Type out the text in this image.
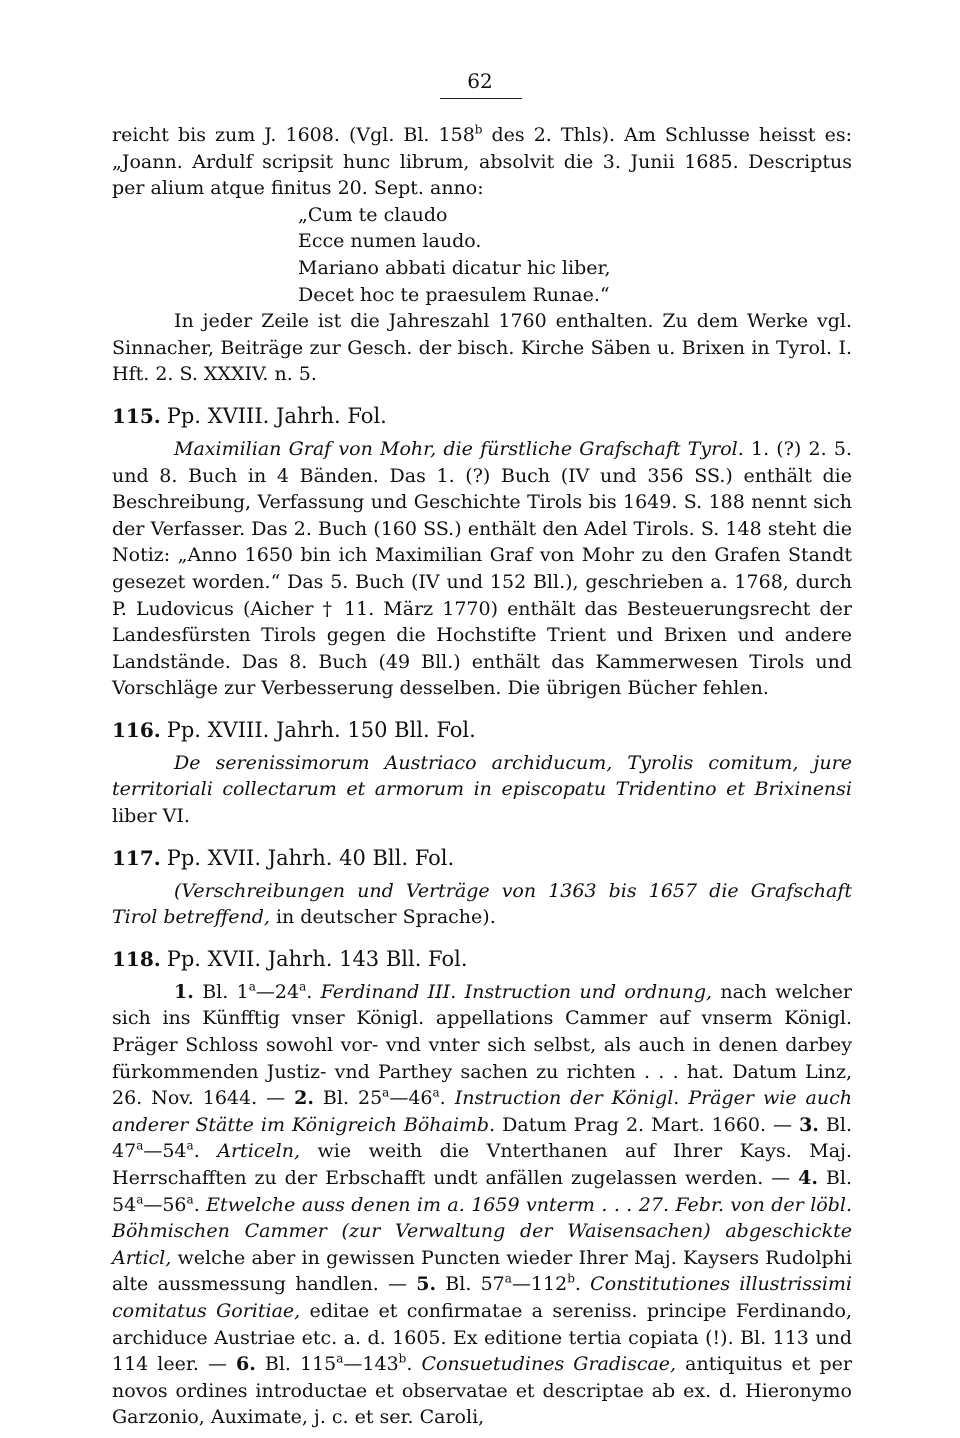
62

reicht bis zum J. 1608. (Vgl. Bl. 158$^b$ des 2. Thls). Am Schlusse heisst es: „Joann. Ardulf scripsit hunc librum, absolvit die 3. Junii 1685. Descriptus per alium atque finitus 20. Sept. anno:

„Cum te claudo
Ecce numen laudo.
Mariano abbati dicatur hic liber,
Decet hoc te praesulem Runae.“

In jeder Zeile ist die Jahreszahl 1760 enthalten. Zu dem Werke vgl. Sinnacher, Beiträge zur Gesch. der bisch. Kirche Säben u. Brixen in Tyrol. I. Hft. 2. S. XXXIV. n. 5.

115. Pp. XVIII. Jahrh. Fol.

Maximilian Graf von Mohr, die fürstliche Grafschaft Tyrol. 1. (?) 2. 5. und 8. Buch in 4 Bänden. Das 1. (?) Buch (IV und 356 SS.) enthält die Beschreibung, Verfassung und Geschichte Tirols bis 1649. S. 188 nennt sich der Verfasser. Das 2. Buch (160 SS.) enthält den Adel Tirols. S. 148 steht die Notiz: „Anno 1650 bin ich Maximilian Graf von Mohr zu den Grafen Standt gesezet worden.“ Das 5. Buch (IV und 152 Bll.), geschrieben a. 1768, durch P. Ludovicus (Aicher † 11. März 1770) enthält das Besteuerungsrecht der Landesfürsten Tirols gegen die Hochstifte Trient und Brixen und andere Landstände. Das 8. Buch (49 Bll.) enthält das Kammerwesen Tirols und Vorschläge zur Verbesserung desselben. Die übrigen Bücher fehlen.

116. Pp. XVIII. Jahrh. 150 Bll. Fol.

De serenissimorum Austriaco archiducum, Tyrolis comitum, jure territoriali collectarum et armorum in episcopatu Tridentino et Brixinensi liber VI.

117. Pp. XVII. Jahrh. 40 Bll. Fol.

(Verschreibungen und Verträge von 1363 bis 1657 die Grafschaft Tirol betreffend, in deutscher Sprache).

118. Pp. XVII. Jahrh. 143 Bll. Fol.

1. Bl. 1$^a$—24$^a$. Ferdinand III. Instruction und ordnung, nach welcher sich ins Künfftig vnser Königl. appellations Cammer auf vnserm Königl. Präger Schloss sowohl vor- vnd vnter sich selbst, als auch in denen darbey fürkommenden Justiz- vnd Parthey sachen zu richten . . . hat. Datum Linz, 26. Nov. 1644. — 2. Bl. 25$^a$—46$^a$. Instruction der Königl. Präger wie auch anderer Stätte im Königreich Böhaimb. Datum Prag 2. Mart. 1660. — 3. Bl. 47$^a$—54$^a$. Articeln, wie weith die Vnterthanen auf Ihrer Kays. Maj. Herrschafften zu der Erbschafft undt anfällen zugelassen werden. — 4. Bl. 54$^a$—56$^a$. Etwelche auss denen im a. 1659 vnterm . . . 27. Febr. von der löbl. Böhmischen Cammer (zur Verwaltung der Waisensachen) abgeschickte Articl, welche aber in gewissen Puncten wieder Ihrer Maj. Kaysers Rudolphi alte aussmessung handlen. — 5. Bl. 57$^a$—112$^b$. Constitutiones illustrissimi comitatus Goritiae, editae et confirmatae a sereniss. principe Ferdinando, archiduce Austriae etc. a. d. 1605. Ex editione tertia copiata (!). Bl. 113 und 114 leer. — 6. Bl. 115$^a$—143$^b$. Consuetudines Gradiscae, antiquitus et per novos ordines introductae et observatae et descriptae ab ex. d. Hieronymo Garzonio, Auximate, j. c. et ser. Caroli,
